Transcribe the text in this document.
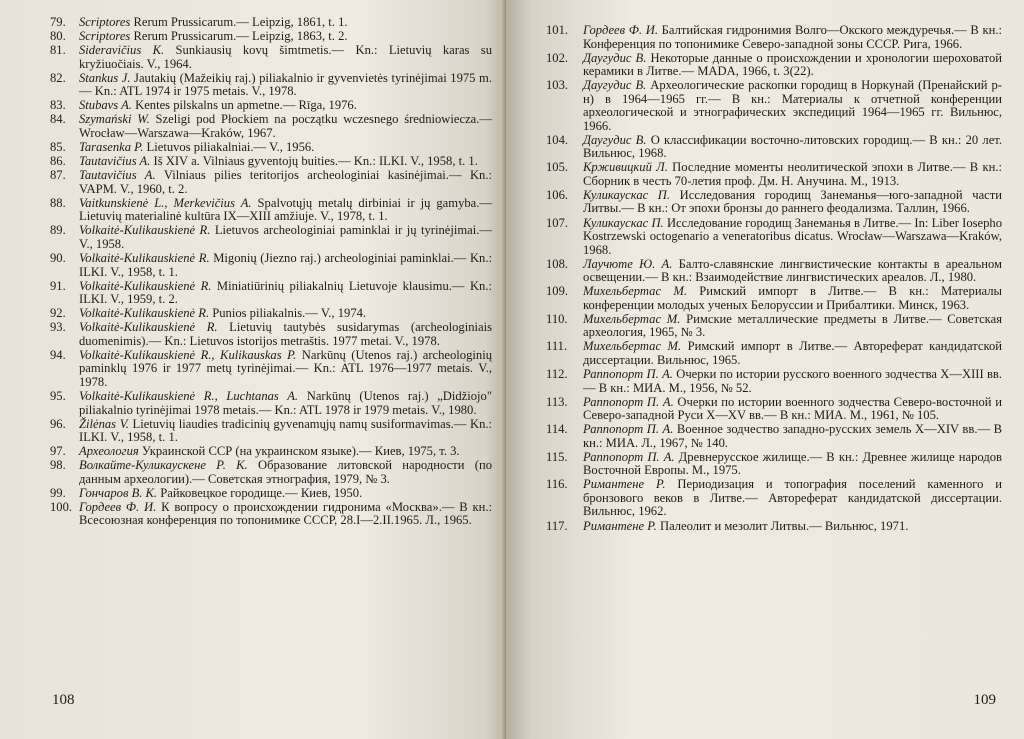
79.	Scriptores Rerum Prussicarum.— Leipzig, 1861, t. 1.
80.	Scriptores Rerum Prussicarum.— Leipzig, 1863, t. 2.
81.	Sideravičius K. Sunkiausių kovų šimtmetis.— Kn.: Lietuvių karas su kryžiuočiais. V., 1964.
82.	Stankus J. Jautakių (Mažeikių raj.) piliakalnio ir gyvenvietės tyrinėjimai 1975 m.— Kn.: ATL 1974 ir 1975 metais. V., 1978.
83.	Stubavs A. Kentes pilskalns un apmetne.— Rīga, 1976.
84.	Szymański W. Szeligi pod Płockiem na początku wczesnego średniowiecza.— Wrocław—Warszawa—Kraków, 1967.
85.	Tarasenka P. Lietuvos piliakalniai.— V., 1956.
86.	Tautavičius A. Iš XIV a. Vilniaus gyventojų buities.— Kn.: ILKI. V., 1958, t. 1.
87.	Tautavičius A. Vilniaus pilies teritorijos archeologiniai kasinėjimai.— Kn.: VAPM. V., 1960, t. 2.
88.	Vaitkunskienė L., Merkevičius A. Spalvotųjų metalų dirbiniai ir jų gamyba.— Lietuvių materialinė kultūra IX—XIII amžiuje. V., 1978, t. 1.
89.	Volkaitė-Kulikauskienė R. Lietuvos archeologiniai paminklai ir jų tyrinėjimai.— V., 1958.
90.	Volkaitė-Kulikauskienė R. Migonių (Jiezno raj.) archeologiniai paminklai.— Kn.: ILKI. V., 1958, t. 1.
91.	Volkaitė-Kulikauskienė R. Miniatiūrinių piliakalnių Lietuvoje klausimu.— Kn.: ILKI. V., 1959, t. 2.
92.	Volkaitė-Kulikauskienė R. Punios piliakalnis.— V., 1974.
93.	Volkaitė-Kulikauskienė R. Lietuvių tautybės susidarymas (archeologiniais duomenimis).— Kn.: Lietuvos istorijos metraštis. 1977 metai. V., 1978.
94.	Volkaitė-Kulikauskienė R., Kulikauskas P. Narkūnų (Utenos raj.) archeologinių paminklų 1976 ir 1977 metų tyrinėjimai.— Kn.: ATL 1976—1977 metais. V., 1978.
95.	Volkaitė-Kulikauskienė R., Luchtanas A. Narkūnų (Utenos raj.) „Didžiojo" piliakalnio tyrinėjimai 1978 metais.— Kn.: ATL 1978 ir 1979 metais. V., 1980.
96.	Žilėnas V. Lietuvių liaudies tradicinių gyvenamųjų namų susiformavimas.— Kn.: ILKI. V., 1958, t. 1.
97.	Археология Украинской ССР (на украинском языке).— Киев, 1975, т. 3.
98.	Волкайте-Куликаускене Р. К. Образование литовской народности (по данным археологии).— Советская этнография, 1979, № 3.
99.	Гончаров В. К. Райковецкое городище.— Киев, 1950.
100. Гордеев Ф. И. К вопросу о происхождении гидронима «Москва».— В кн.: Всесоюзная конференция по топонимике СССР, 28.I—2.II.1965. Л., 1965.
108
101.	Гордеев Ф. И. Балтийская гидронимия Волго—Окского междуречья.— В кн.: Конференция по топонимике Северо-западной зоны СССР. Рига, 1966.
102.	Даугудис В. Некоторые данные о происхождении и хронологии шероховатой керамики в Литве.— MADA, 1966, t. 3(22).
103.	Даугудис В. Археологические раскопки городищ в Норкунай (Пренайский р-н) в 1964—1965 гг.— В кн.: Материалы к отчетной конференции археологической и этнографических экспедиций 1964—1965 гг. Вильнюс, 1966.
104.	Даугудис В. О классификации восточно-литовских городищ.— В кн.: 20 лет. Вильнюс, 1968.
105.	Крживицкий Л. Последние моменты неолитической эпохи в Литве.— В кн.: Сборник в честь 70-летия проф. Дм. Н. Анучина. М., 1913.
106.	Куликаускас П. Исследования городищ Занеманья—юго-западной части Литвы.— В кн.: От эпохи бронзы до раннего феодализма. Таллин, 1966.
107.	Куликаускас П. Исследование городищ Занеманья в Литве.— In: Liber Iosepho Kostrzewski octogenario a veneratoribus dicatus. Wrocław—Warszawa—Kraków, 1968.
108.	Лаучюте Ю. А. Балто-славянские лингвистические контакты в ареальном освещении.— В кн.: Взаимодействие лингвистических ареалов. Л., 1980.
109.	Михельбертас М. Римский импорт в Литве.— В кн.: Материалы конференции молодых ученых Белоруссии и Прибалтики. Минск, 1963.
110.	Михельбертас М. Римские металлические предметы в Литве.— Советская археология, 1965, № 3.
111.	Михельбертас М. Римский импорт в Литве.— Автореферат кандидатской диссертации. Вильнюс, 1965.
112.	Раппопорт П. А. Очерки по истории русского военного зодчества X—XIII вв.— В кн.: МИА. М., 1956, № 52.
113.	Раппопорт П. А. Очерки по истории военного зодчества Северо-восточной и Северо-западной Руси X—XV вв.— В кн.: МИА. М., 1961, № 105.
114.	Раппопорт П. А. Военное зодчество западно-русских земель X—XIV вв.— В кн.: МИА. Л., 1967, № 140.
115.	Раппопорт П. А. Древнерусское жилище.— В кн.: Древнее жилище народов Восточной Европы. М., 1975.
116.	Римантене Р. Периодизация и топография поселений каменного и бронзового веков в Литве.— Автореферат кандидатской диссертации. Вильнюс, 1962.
117.	Римантене Р. Палеолит и мезолит Литвы.— Вильнюс, 1971.
109
